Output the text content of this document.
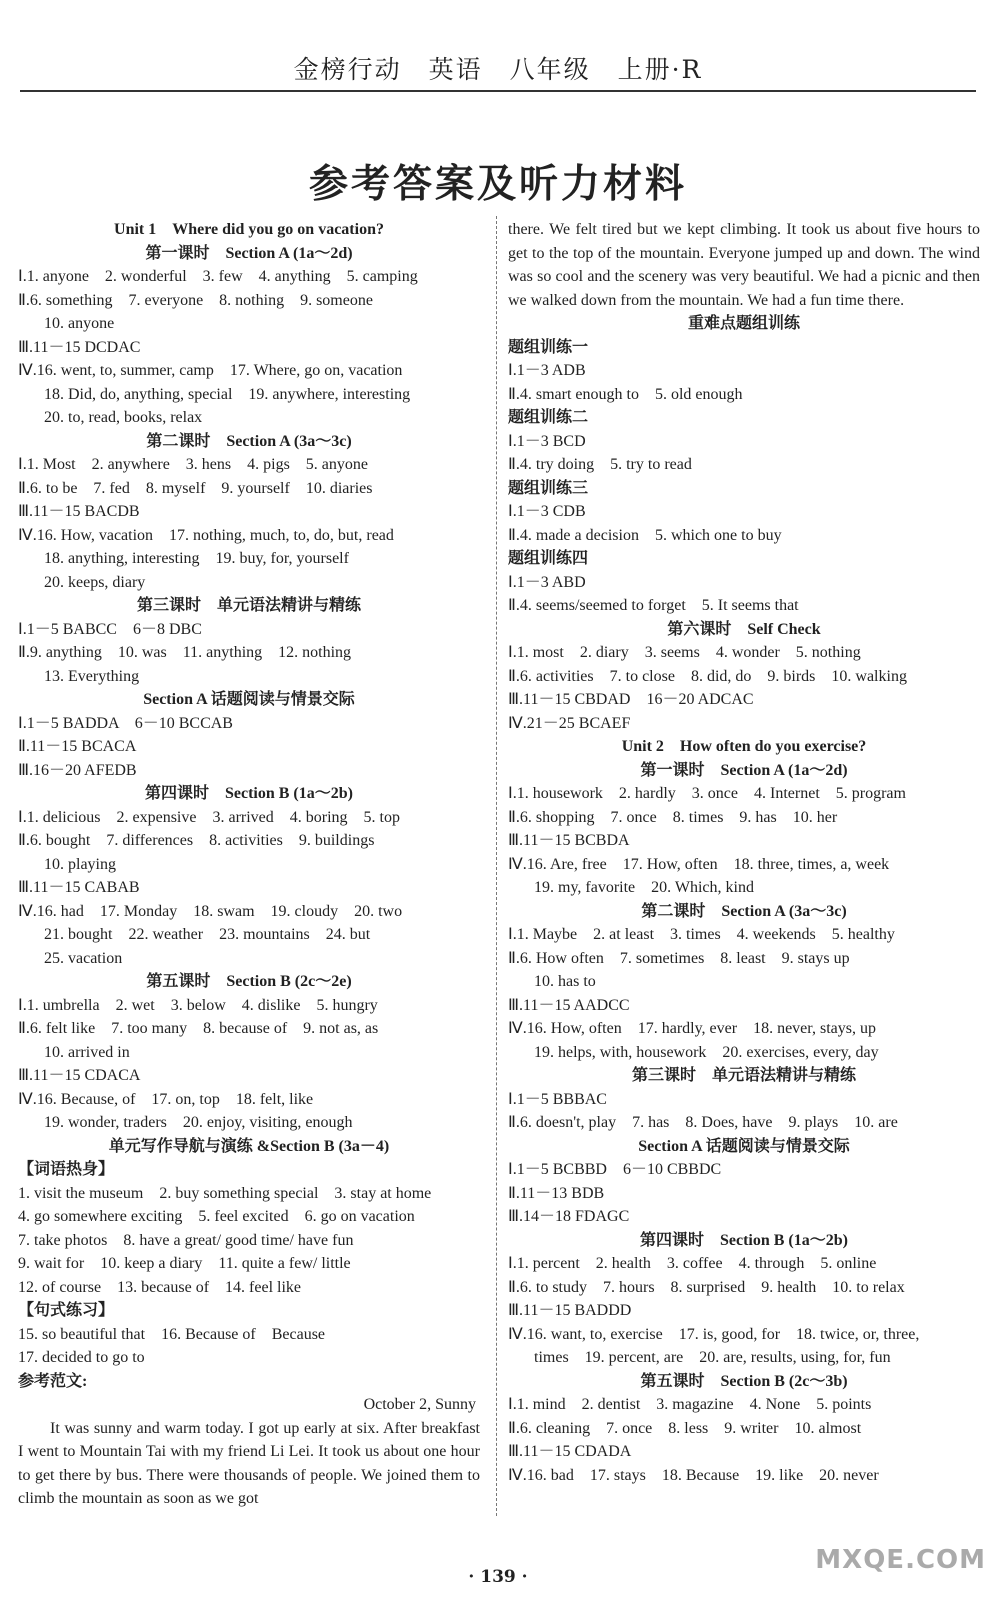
金榜行动　英语　八年级　上册·R
参考答案及听力材料
Unit 1　Where did you go on vacation?
第一课时　Section A (1a～2d)
Ⅰ.1. anyone　2. wonderful　3. few　4. anything　5. camping
Ⅱ.6. something　7. everyone　8. nothing　9. someone
10. anyone
Ⅲ.11－15 DCDAC
Ⅳ.16. went, to, summer, camp　17. Where, go on, vacation
18. Did, do, anything, special　19. anywhere, interesting
20. to, read, books, relax
第二课时　Section A (3a～3c)
Ⅰ.1. Most　2. anywhere　3. hens　4. pigs　5. anyone
Ⅱ.6. to be　7. fed　8. myself　9. yourself　10. diaries
Ⅲ.11－15 BACDB
Ⅳ.16. How, vacation　17. nothing, much, to, do, but, read
18. anything, interesting　19. buy, for, yourself
20. keeps, diary
第三课时　单元语法精讲与精练
Ⅰ.1－5 BABCC　6－8 DBC
Ⅱ.9. anything　10. was　11. anything　12. nothing
13. Everything
Section A 话题阅读与情景交际
Ⅰ.1－5 BADDA　6－10 BCCAB
Ⅱ.11－15 BCACA
Ⅲ.16－20 AFEDB
第四课时　Section B (1a～2b)
Ⅰ.1. delicious　2. expensive　3. arrived　4. boring　5. top
Ⅱ.6. bought　7. differences　8. activities　9. buildings
10. playing
Ⅲ.11－15 CABAB
Ⅳ.16. had　17. Monday　18. swam　19. cloudy　20. two
21. bought　22. weather　23. mountains　24. but
25. vacation
第五课时　Section B (2c～2e)
Ⅰ.1. umbrella　2. wet　3. below　4. dislike　5. hungry
Ⅱ.6. felt like　7. too many　8. because of　9. not as, as
10. arrived in
Ⅲ.11－15 CDACA
Ⅳ.16. Because, of　17. on, top　18. felt, like
19. wonder, traders　20. enjoy, visiting, enough
单元写作导航与演练 &Section B (3a－4)
【词语热身】
1. visit the museum　2. buy something special　3. stay at home
4. go somewhere exciting　5. feel excited　6. go on vacation
7. take photos　8. have a great/ good time/ have fun
9. wait for　10. keep a diary　11. quite a few/ little
12. of course　13. because of　14. feel like
【句式练习】
15. so beautiful that　16. Because of　Because
17. decided to go to
参考范文:
October 2, Sunny
It was sunny and warm today. I got up early at six. After breakfast I went to Mountain Tai with my friend Li Lei. It took us about one hour to get there by bus. There were thousands of people. We joined them to climb the mountain as soon as we got
there. We felt tired but we kept climbing. It took us about five hours to get to the top of the mountain. Everyone jumped up and down. The wind was so cool and the scenery was very beautiful. We had a picnic and then we walked down from the mountain. We had a fun time there.
重难点题组训练
题组训练一
Ⅰ.1－3 ADB
Ⅱ.4. smart enough to　5. old enough
题组训练二
Ⅰ.1－3 BCD
Ⅱ.4. try doing　5. try to read
题组训练三
Ⅰ.1－3 CDB
Ⅱ.4. made a decision　5. which one to buy
题组训练四
Ⅰ.1－3 ABD
Ⅱ.4. seems/seemed to forget　5. It seems that
第六课时　Self Check
Ⅰ.1. most　2. diary　3. seems　4. wonder　5. nothing
Ⅱ.6. activities　7. to close　8. did, do　9. birds　10. walking
Ⅲ.11－15 CBDAD　16－20 ADCAC
Ⅳ.21－25 BCAEF
Unit 2　How often do you exercise?
第一课时　Section A (1a～2d)
Ⅰ.1. housework　2. hardly　3. once　4. Internet　5. program
Ⅱ.6. shopping　7. once　8. times　9. has　10. her
Ⅲ.11－15 BCBDA
Ⅳ.16. Are, free　17. How, often　18. three, times, a, week
19. my, favorite　20. Which, kind
第二课时　Section A (3a～3c)
Ⅰ.1. Maybe　2. at least　3. times　4. weekends　5. healthy
Ⅱ.6. How often　7. sometimes　8. least　9. stays up
10. has to
Ⅲ.11－15 AADCC
Ⅳ.16. How, often　17. hardly, ever　18. never, stays, up
19. helps, with, housework　20. exercises, every, day
第三课时　单元语法精讲与精练
Ⅰ.1－5 BBBAC
Ⅱ.6. doesn't, play　7. has　8. Does, have　9. plays　10. are
Section A 话题阅读与情景交际
Ⅰ.1－5 BCBBD　6－10 CBBDC
Ⅱ.11－13 BDB
Ⅲ.14－18 FDAGC
第四课时　Section B (1a～2b)
Ⅰ.1. percent　2. health　3. coffee　4. through　5. online
Ⅱ.6. to study　7. hours　8. surprised　9. health　10. to relax
Ⅲ.11－15 BADDD
Ⅳ.16. want, to, exercise　17. is, good, for　18. twice, or, three,
times　19. percent, are　20. are, results, using, for, fun
第五课时　Section B (2c～3b)
Ⅰ.1. mind　2. dentist　3. magazine　4. None　5. points
Ⅱ.6. cleaning　7. once　8. less　9. writer　10. almost
Ⅲ.11－15 CDADA
Ⅳ.16. bad　17. stays　18. Because　19. like　20. never
· 139 ·
MXQE.COM
